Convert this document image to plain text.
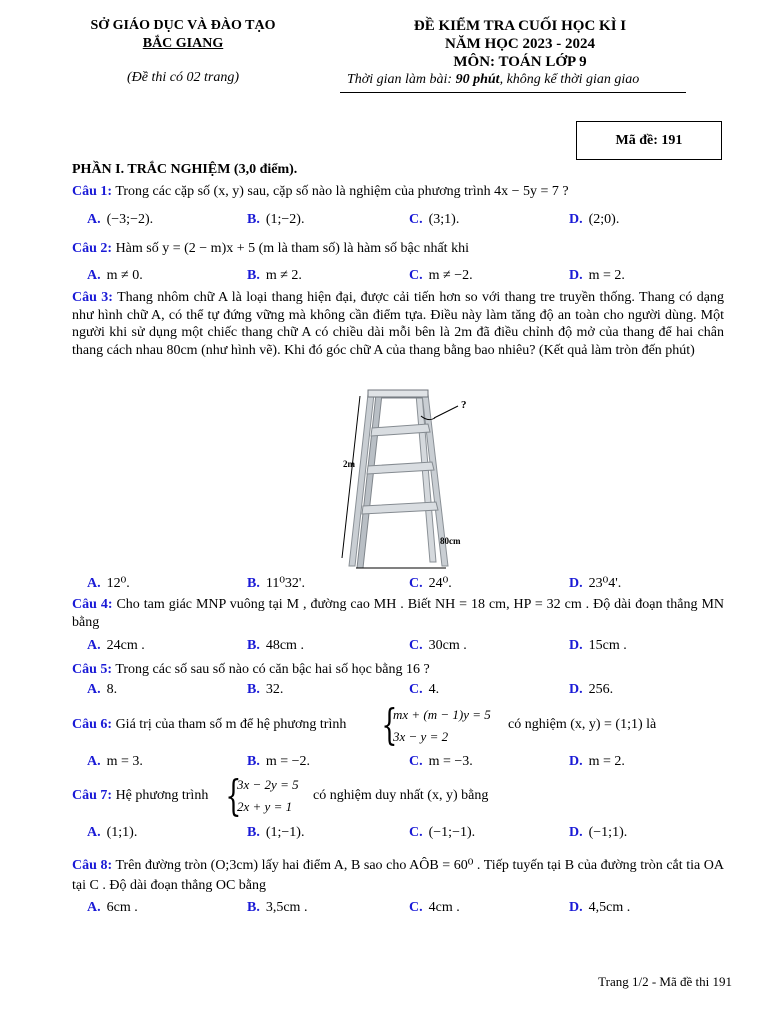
SỞ GIÁO DỤC VÀ ĐÀO TẠO
BẮC GIANG
(Đề thi có 02 trang)
ĐỀ KIỂM TRA CUỐI HỌC KÌ I
NĂM HỌC 2023 - 2024
MÔN: TOÁN LỚP 9
Thời gian làm bài: 90 phút, không kể thời gian giao
Mã đề: 191
PHẦN I. TRẮC NGHIỆM (3,0 điểm).
Câu 1: Trong các cặp số (x, y) sau, cặp số nào là nghiệm của phương trình 4x − 5y = 7 ?
A. (−3;−2).	B. (1;−2).	C. (3;1).	D. (2;0).
Câu 2: Hàm số y = (2 − m)x + 5 (m là tham số) là hàm số bậc nhất khi
A. m ≠ 0.	B. m ≠ 2.	C. m ≠ −2.	D. m = 2.
Câu 3: Thang nhôm chữ A là loại thang hiện đại, được cải tiến hơn so với thang tre truyền thống. Thang có dạng như hình chữ A, có thể tự đứng vững mà không cần điểm tựa. Điều này làm tăng độ an toàn cho người dùng. Một người khi sử dụng một chiếc thang chữ A có chiều dài mỗi bên là 2m đã điều chỉnh độ mở của thang để hai chân thang cách nhau 80cm (như hình vẽ). Khi đó góc chữ A của thang bằng bao nhiêu? (Kết quả làm tròn đến phút)
2m
80cm
?
A. 12⁰.	B. 11⁰32'.	C. 24⁰.	D. 23⁰4'.
Câu 4: Cho tam giác MNP vuông tại M , đường cao MH . Biết NH = 18 cm, HP = 32 cm . Độ dài đoạn thẳng MN bằng
A. 24cm .	B. 48cm .	C. 30cm .	D. 15cm .
Câu 5: Trong các số sau số nào có căn bậc hai số học bằng 16 ?
A. 8.	B. 32.	C. 4.	D. 256.
Câu 6: Giá trị của tham số m để hệ phương trình {
mx + (m − 1)y = 5
3x − y = 2
có nghiệm (x, y) = (1;1) là
A. m = 3.	B. m = −2.	C. m = −3.	D. m = 2.
Câu 7: Hệ phương trình {
3x − 2y = 5
2x + y = 1
có nghiệm duy nhất (x, y) bằng
A. (1;1).	B. (1;−1).	C. (−1;−1).	D. (−1;1).
Câu 8: Trên đường tròn (O;3cm) lấy hai điểm A, B sao cho AÔB = 60⁰ . Tiếp tuyến tại B của đường tròn cắt tia OA tại C . Độ dài đoạn thẳng OC bằng
A. 6cm .	B. 3,5cm .	C. 4cm .	D. 4,5cm .
Trang 1/2 - Mã đề thi 191
